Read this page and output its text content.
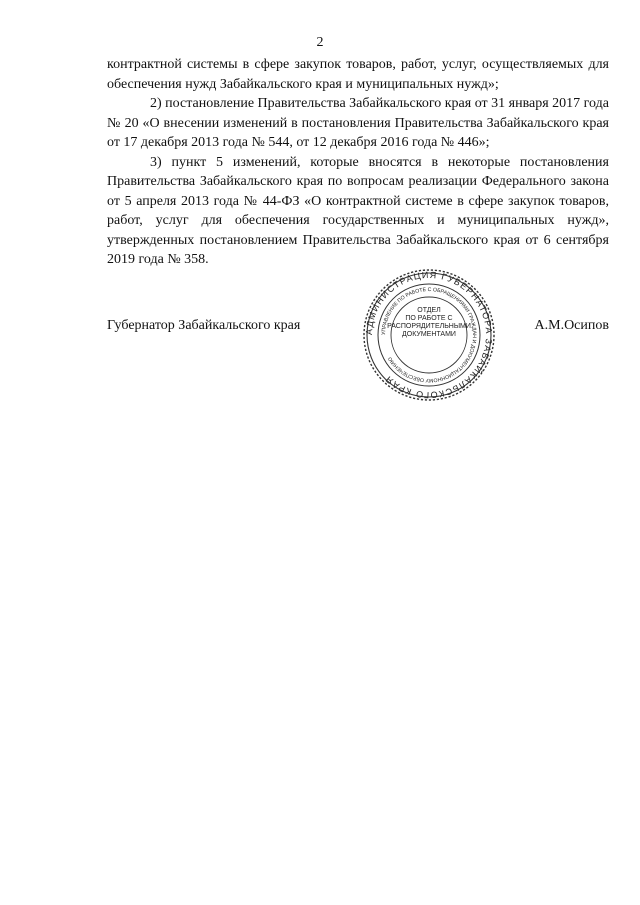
2

контрактной системы в сфере закупок товаров, работ, услуг, осуществляемых для обеспечения нужд Забайкальского края и муниципальных нужд»;

2) постановление Правительства Забайкальского края от 31 января 2017 года № 20 «О внесении изменений в постановления Правительства Забайкальского края от 17 декабря 2013 года № 544, от 12 декабря 2016 года № 446»;

3) пункт 5 изменений, которые вносятся в некоторые постановления Правительства Забайкальского края по вопросам реализации Федерального закона от 5 апреля 2013 года № 44-ФЗ «О контрактной системе в сфере закупок товаров, работ, услуг для обеспечения государственных и муниципальных нужд», утвержденных постановлением Правительства Забайкальского края от 6 сентября 2019 года № 358.

Губернатор Забайкальского края	А.М.Осипов
АДМИНИСТРАЦИЯ ГУБЕРНАТОРА ЗАБАЙКАЛЬСКОГО КРАЯ
УПРАВЛЕНИЕ ПО РАБОТЕ С ОБРАЩЕНИЯМИ ГРАЖДАН И ДОКУМЕНТАЦИОННОМУ ОБЕСПЕЧЕНИЮ
ОТДЕЛ
ПО РАБОТЕ С
РАСПОРЯДИТЕЛЬНЫМИ
ДОКУМЕНТАМИ
